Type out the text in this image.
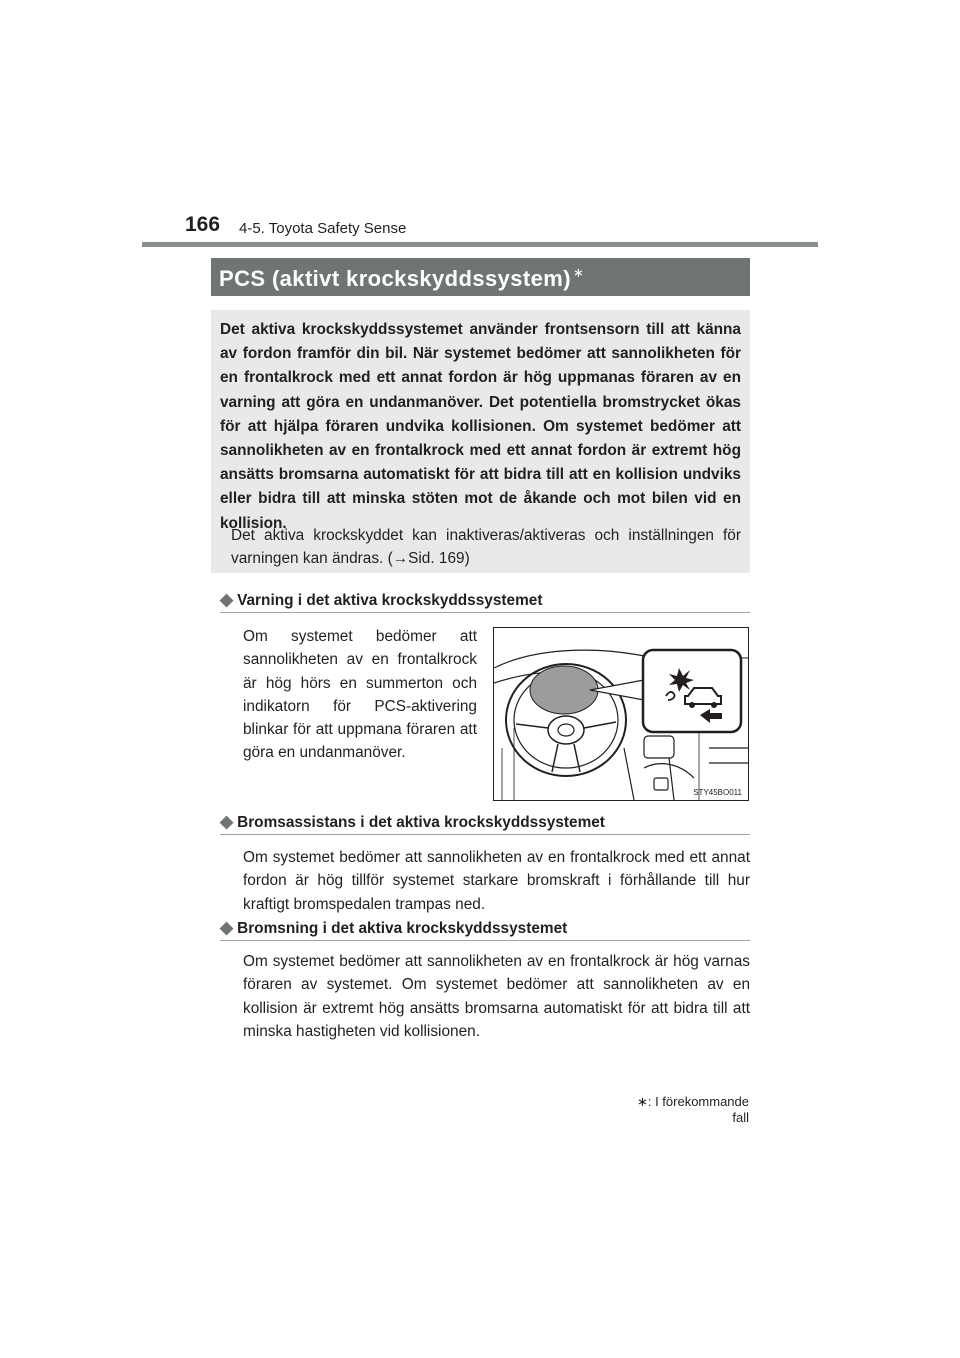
166 4-5. Toyota Safety Sense
PCS (aktivt krockskyddssystem) ∗
Det aktiva krockskyddssystemet använder frontsensorn till att känna av fordon framför din bil. När systemet bedömer att sannolikheten för en frontalkrock med ett annat fordon är hög uppmanas föraren av en varning att göra en undanmanöver. Det potentiella bromstrycket ökas för att hjälpa föraren undvika kollisionen. Om systemet bedömer att sannolikheten av en frontalkrock med ett annat fordon är extremt hög ansätts bromsarna automatiskt för att bidra till att en kollision undviks eller bidra till att minska stöten mot de åkande och mot bilen vid en kollision.
Det aktiva krockskyddet kan inaktiveras/aktiveras och inställningen för varningen kan ändras. (→Sid. 169)
◆ Varning i det aktiva krockskyddssystemet
Om systemet bedömer att sannolikheten av en frontalkrock är hög hörs en summerton och indikatorn för PCS-aktivering blinkar för att uppmana föraren att göra en undanmanöver.
STY45BO011
◆ Bromsassistans i det aktiva krockskyddssystemet
Om systemet bedömer att sannolikheten av en frontalkrock med ett annat fordon är hög tillför systemet starkare bromskraft i förhållande till hur kraftigt bromspedalen trampas ned.
◆ Bromsning i det aktiva krockskyddssystemet
Om systemet bedömer att sannolikheten av en frontalkrock är hög varnas föraren av systemet. Om systemet bedömer att sannolikheten av en kollision är extremt hög ansätts bromsarna automatiskt för att bidra till att minska hastigheten vid kollisionen.
∗: I förekommande fall
